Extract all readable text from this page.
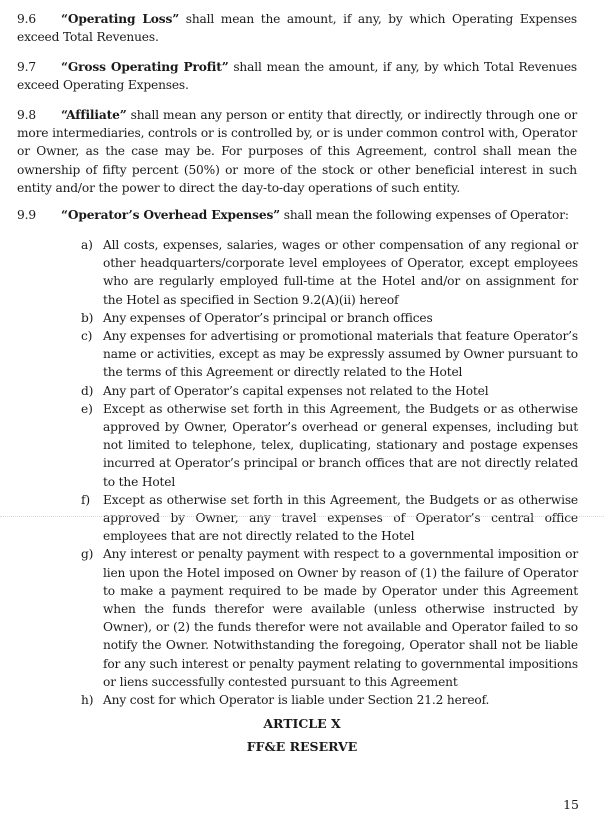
9.6 “Operating Loss” shall mean the amount, if any, by which Operating Expenses exceed Total Revenues.

9.7 “Gross Operating Profit” shall mean the amount, if any, by which Total Revenues exceed Operating Expenses.

9.8 “Affiliate” shall mean any person or entity that directly, or indirectly through one or more intermediaries, controls or is controlled by, or is under common control with, Operator or Owner, as the case may be. For purposes of this Agreement, control shall mean the ownership of fifty percent (50%) or more of the stock or other beneficial interest in such entity and/or the power to direct the day-to-day operations of such entity.

9.9 “Operator’s Overhead Expenses” shall mean the following expenses of Operator:

a) All costs, expenses, salaries, wages or other compensation of any regional or other headquarters/corporate level employees of Operator, except employees who are regularly employed full-time at the Hotel and/or on assignment for the Hotel as specified in Section 9.2(A)(ii) hereof
b) Any expenses of Operator’s principal or branch offices
c) Any expenses for advertising or promotional materials that feature Operator’s name or activities, except as may be expressly assumed by Owner pursuant to the terms of this Agreement or directly related to the Hotel
d) Any part of Operator’s capital expenses not related to the Hotel
e) Except as otherwise set forth in this Agreement, the Budgets or as otherwise approved by Owner, Operator’s overhead or general expenses, including but not limited to telephone, telex, duplicating, stationary and postage expenses incurred at Operator’s principal or branch offices that are not directly related to the Hotel
f) Except as otherwise set forth in this Agreement, the Budgets or as otherwise approved by Owner, any travel expenses of Operator’s central office employees that are not directly related to the Hotel
g) Any interest or penalty payment with respect to a governmental imposition or lien upon the Hotel imposed on Owner by reason of (1) the failure of Operator to make a payment required to be made by Operator under this Agreement when the funds therefor were available (unless otherwise instructed by Owner), or (2) the funds therefor were not available and Operator failed to so notify the Owner. Notwithstanding the foregoing, Operator shall not be liable for any such interest or penalty payment relating to governmental impositions or liens successfully contested pursuant to this Agreement
h) Any cost for which Operator is liable under Section 21.2 hereof.
ARTICLE X
FF&E RESERVE
15
